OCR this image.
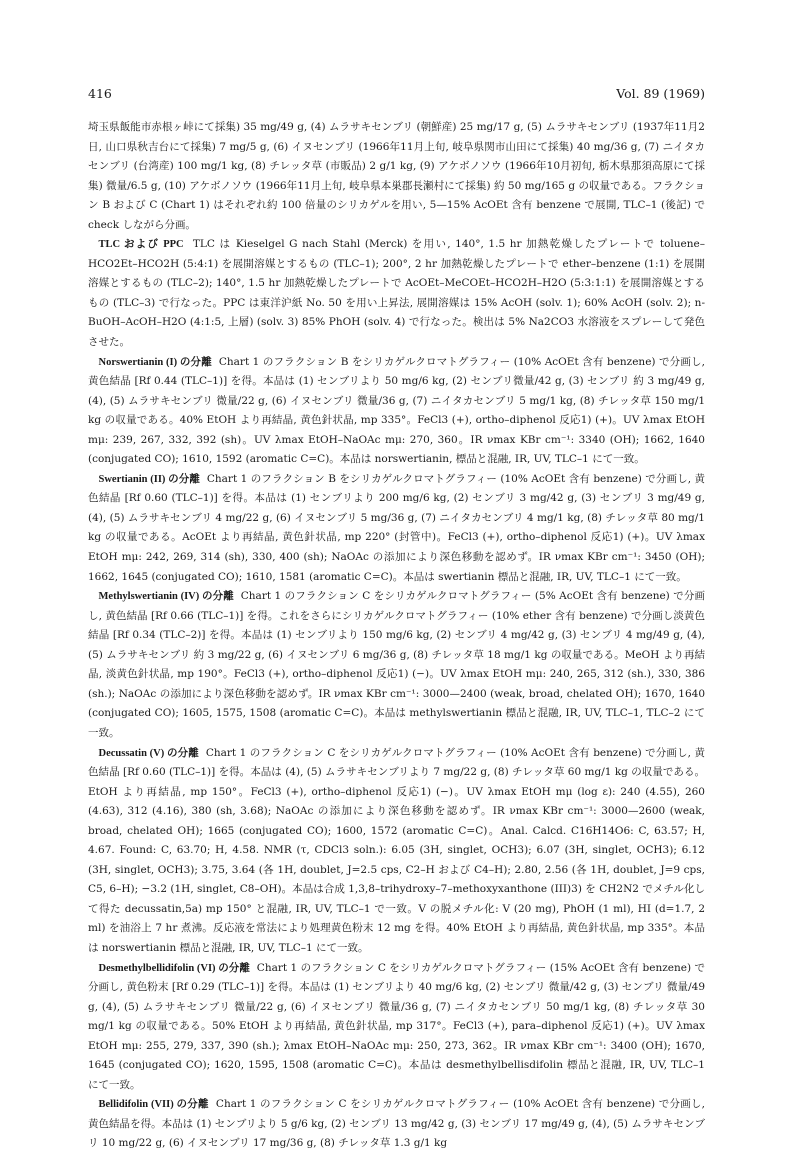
416	Vol. 89 (1969)

埼玉県飯能市赤根ヶ峠にて採集) 35 mg/49 g, (4) ムラサキセンブリ (朝鮮産) 25 mg/17 g, (5) ムラサキセンブリ (1937年11月2日, 山口県秋吉台にて採集) 7 mg/5 g, (6) イヌセンブリ (1966年11月上旬, 岐阜県関市山田にて採集) 40 mg/36 g, (7) ニイタカセンブリ (台湾産) 100 mg/1 kg, (8) チレッタ草 (市販品) 2 g/1 kg, (9) アケボノソウ (1966年10月初旬, 栃木県那須高原にて採集) 微量/6.5 g, (10) アケボノソウ (1966年11月上旬, 岐阜県本巣郡長瀬村にて採集) 約 50 mg/165 g の収量である。フラクション B および C (Chart 1) はそれぞれ約 100 倍量のシリカゲルを用い, 5—15% AcOEt 含有 benzene で展開, TLC–1 (後記) で check しながら分画。

TLC および PPC TLC は Kieselgel G nach Stahl (Merck) を用い, 140°, 1.5 hr 加熱乾燥したプレートで toluene–HCO2Et–HCO2H (5:4:1) を展開溶媒とするもの (TLC–1); 200°, 2 hr 加熱乾燥したプレートで ether–benzene (1:1) を展開溶媒とするもの (TLC–2); 140°, 1.5 hr 加熱乾燥したプレートで AcOEt–MeCOEt–HCO2H–H2O (5:3:1:1) を展開溶媒とするもの (TLC–3) で行なった。PPC は東洋沪紙 No. 50 を用い上昇法, 展開溶媒は 15% AcOH (solv. 1); 60% AcOH (solv. 2); n-BuOH–AcOH–H2O (4:1:5, 上層) (solv. 3) 85% PhOH (solv. 4) で行なった。検出は 5% Na2CO3 水溶液をスプレーして発色させた。

Norswertianin (I) の分離 Chart 1 のフラクション B をシリカゲルクロマトグラフィー (10% AcOEt 含有 benzene) で分画し, 黄色結晶 [Rf 0.44 (TLC–1)] を得。本品は (1) センブリより 50 mg/6 kg, (2) センブリ微量/42 g, (3) センブリ 約 3 mg/49 g, (4), (5) ムラサキセンブリ 微量/22 g, (6) イヌセンブリ 微量/36 g, (7) ニイタカセンブリ 5 mg/1 kg, (8) チレッタ草 150 mg/1 kg の収量である。40% EtOH より再結晶, 黄色針状晶, mp 335°。FeCl3 (+), ortho–diphenol 反応1) (+)。UV λmax EtOH mμ: 239, 267, 332, 392 (sh)。UV λmax EtOH–NaOAc mμ: 270, 360。IR νmax KBr cm⁻¹: 3340 (OH); 1662, 1640 (conjugated CO); 1610, 1592 (aromatic C=C)。本品は norswertianin, 標品と混融, IR, UV, TLC–1 にて一致。

Swertianin (II) の分離 Chart 1 のフラクション B をシリカゲルクロマトグラフィー (10% AcOEt 含有 benzene) で分画し, 黄色結晶 [Rf 0.60 (TLC–1)] を得。本品は (1) センブリより 200 mg/6 kg, (2) センブリ 3 mg/42 g, (3) センブリ 3 mg/49 g, (4), (5) ムラサキセンブリ 4 mg/22 g, (6) イヌセンブリ 5 mg/36 g, (7) ニイタカセンブリ 4 mg/1 kg, (8) チレッタ草 80 mg/1 kg の収量である。AcOEt より再結晶, 黄色針状晶, mp 220° (封管中)。FeCl3 (+), ortho–diphenol 反応1) (+)。UV λmax EtOH mμ: 242, 269, 314 (sh), 330, 400 (sh); NaOAc の添加により深色移動を認めず。IR νmax KBr cm⁻¹: 3450 (OH); 1662, 1645 (conjugated CO); 1610, 1581 (aromatic C=C)。本品は swertianin 標品と混融, IR, UV, TLC–1 にて一致。

Methylswertianin (IV) の分離 Chart 1 のフラクション C をシリカゲルクロマトグラフィー (5% AcOEt 含有 benzene) で分画し, 黄色結晶 [Rf 0.66 (TLC–1)] を得。これをさらにシリカゲルクロマトグラフィー (10% ether 含有 benzene) で分画し淡黄色結晶 [Rf 0.34 (TLC–2)] を得。本品は (1) センブリより 150 mg/6 kg, (2) センブリ 4 mg/42 g, (3) センブリ 4 mg/49 g, (4), (5) ムラサキセンブリ 約 3 mg/22 g, (6) イヌセンブリ 6 mg/36 g, (8) チレッタ草 18 mg/1 kg の収量である。MeOH より再結晶, 淡黄色針状晶, mp 190°。FeCl3 (+), ortho–diphenol 反応1) (−)。UV λmax EtOH mμ: 240, 265, 312 (sh.), 330, 386 (sh.); NaOAc の添加により深色移動を認めず。IR νmax KBr cm⁻¹: 3000—2400 (weak, broad, chelated OH); 1670, 1640 (conjugated CO); 1605, 1575, 1508 (aromatic C=C)。本品は methylswertianin 標品と混融, IR, UV, TLC–1, TLC–2 にて一致。

Decussatin (V) の分離 Chart 1 のフラクション C をシリカゲルクロマトグラフィー (10% AcOEt 含有 benzene) で分画し, 黄色結晶 [Rf 0.60 (TLC–1)] を得。本品は (4), (5) ムラサキセンブリより 7 mg/22 g, (8) チレッタ草 60 mg/1 kg の収量である。EtOH より再結晶, mp 150°。FeCl3 (+), ortho–diphenol 反応1) (−)。UV λmax EtOH mμ (log ε): 240 (4.55), 260 (4.63), 312 (4.16), 380 (sh, 3.68); NaOAc の添加により深色移動を認めず。IR νmax KBr cm⁻¹: 3000—2600 (weak, broad, chelated OH); 1665 (conjugated CO); 1600, 1572 (aromatic C=C)。Anal. Calcd. C16H14O6: C, 63.57; H, 4.67. Found: C, 63.70; H, 4.58. NMR (τ, CDCl3 soln.): 6.05 (3H, singlet, OCH3); 6.07 (3H, singlet, OCH3); 6.12 (3H, singlet, OCH3); 3.75, 3.64 (各 1H, doublet, J=2.5 cps, C2–H および C4–H); 2.80, 2.56 (各 1H, doublet, J=9 cps, C5, 6–H); −3.2 (1H, singlet, C8–OH)。本品は合成 1,3,8–trihydroxy–7–methoxyxanthone (III)3) を CH2N2 でメチル化して得た decussatin,5a) mp 150° と混融, IR, UV, TLC–1 で一致。V の脱メチル化: V (20 mg), PhOH (1 ml), HI (d=1.7, 2 ml) を油浴上 7 hr 煮沸。反応液を常法により処理黄色粉末 12 mg を得。40% EtOH より再結晶, 黄色針状晶, mp 335°。本品は norswertianin 標品と混融, IR, UV, TLC–1 にて一致。

Desmethylbellidifolin (VI) の分離 Chart 1 のフラクション C をシリカゲルクロマトグラフィー (15% AcOEt 含有 benzene) で分画し, 黄色粉末 [Rf 0.29 (TLC–1)] を得。本品は (1) センブリより 40 mg/6 kg, (2) センブリ 微量/42 g, (3) センブリ 微量/49 g, (4), (5) ムラサキセンブリ 微量/22 g, (6) イヌセンブリ 微量/36 g, (7) ニイタカセンブリ 50 mg/1 kg, (8) チレッタ草 30 mg/1 kg の収量である。50% EtOH より再結晶, 黄色針状晶, mp 317°。FeCl3 (+), para–diphenol 反応1) (+)。UV λmax EtOH mμ: 255, 279, 337, 390 (sh.); λmax EtOH–NaOAc mμ: 250, 273, 362。IR νmax KBr cm⁻¹: 3400 (OH); 1670, 1645 (conjugated CO); 1620, 1595, 1508 (aromatic C=C)。本品は desmethylbellisdifolin 標品と混融, IR, UV, TLC–1 にて一致。

Bellidifolin (VII) の分離 Chart 1 のフラクション C をシリカゲルクロマトグラフィー (10% AcOEt 含有 benzene) で分画し, 黄色結晶を得。本品は (1) センブリより 5 g/6 kg, (2) センブリ 13 mg/42 g, (3) センブリ 17 mg/49 g, (4), (5) ムラサキセンブリ 10 mg/22 g, (6) イヌセンブリ 17 mg/36 g, (8) チレッタ草 1.3 g/1 kg
